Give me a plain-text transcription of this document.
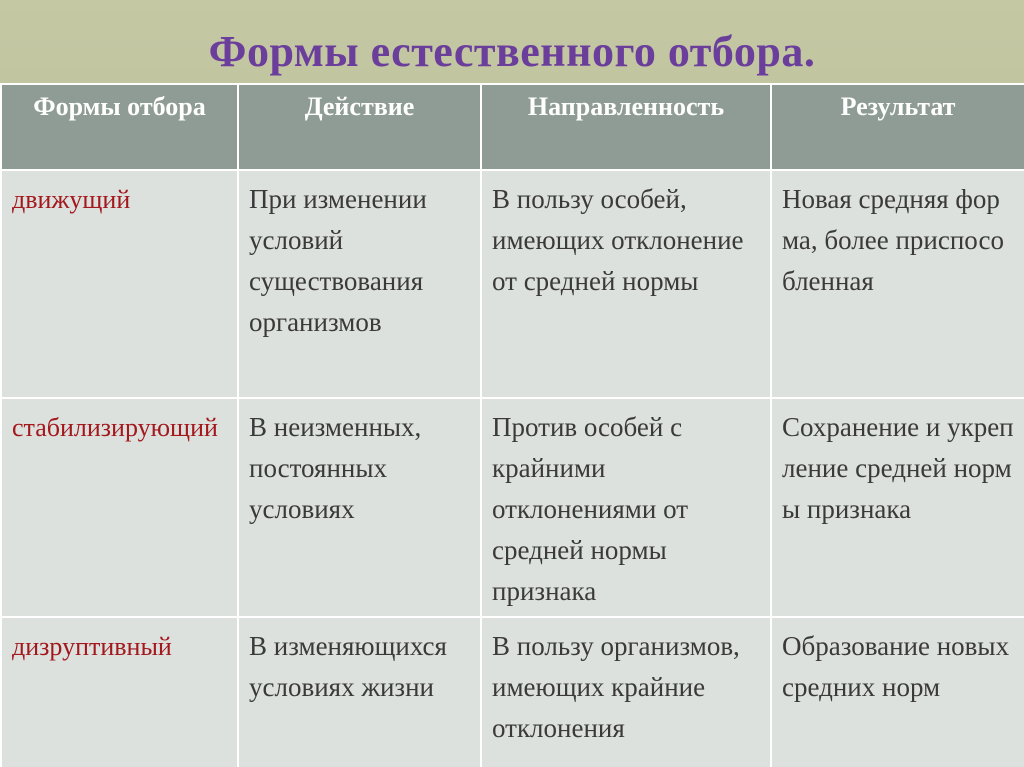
Формы естественного отбора.
Формы отбора	Действие	Направленность	Результат

движущий	При изменении условий существования организмов	В пользу особей, имеющих отклонение от средней нормы	Новая средняя форма, более приспособленная

стабилизирующий	В неизменных, постоянных условиях	Против особей с крайними отклонениями от средней нормы признака	Сохранение и укрепление средней нормы признака

дизруптивный	В изменяющихся условиях жизни	В пользу организмов, имеющих крайние отклонения	Образование новых средних норм
